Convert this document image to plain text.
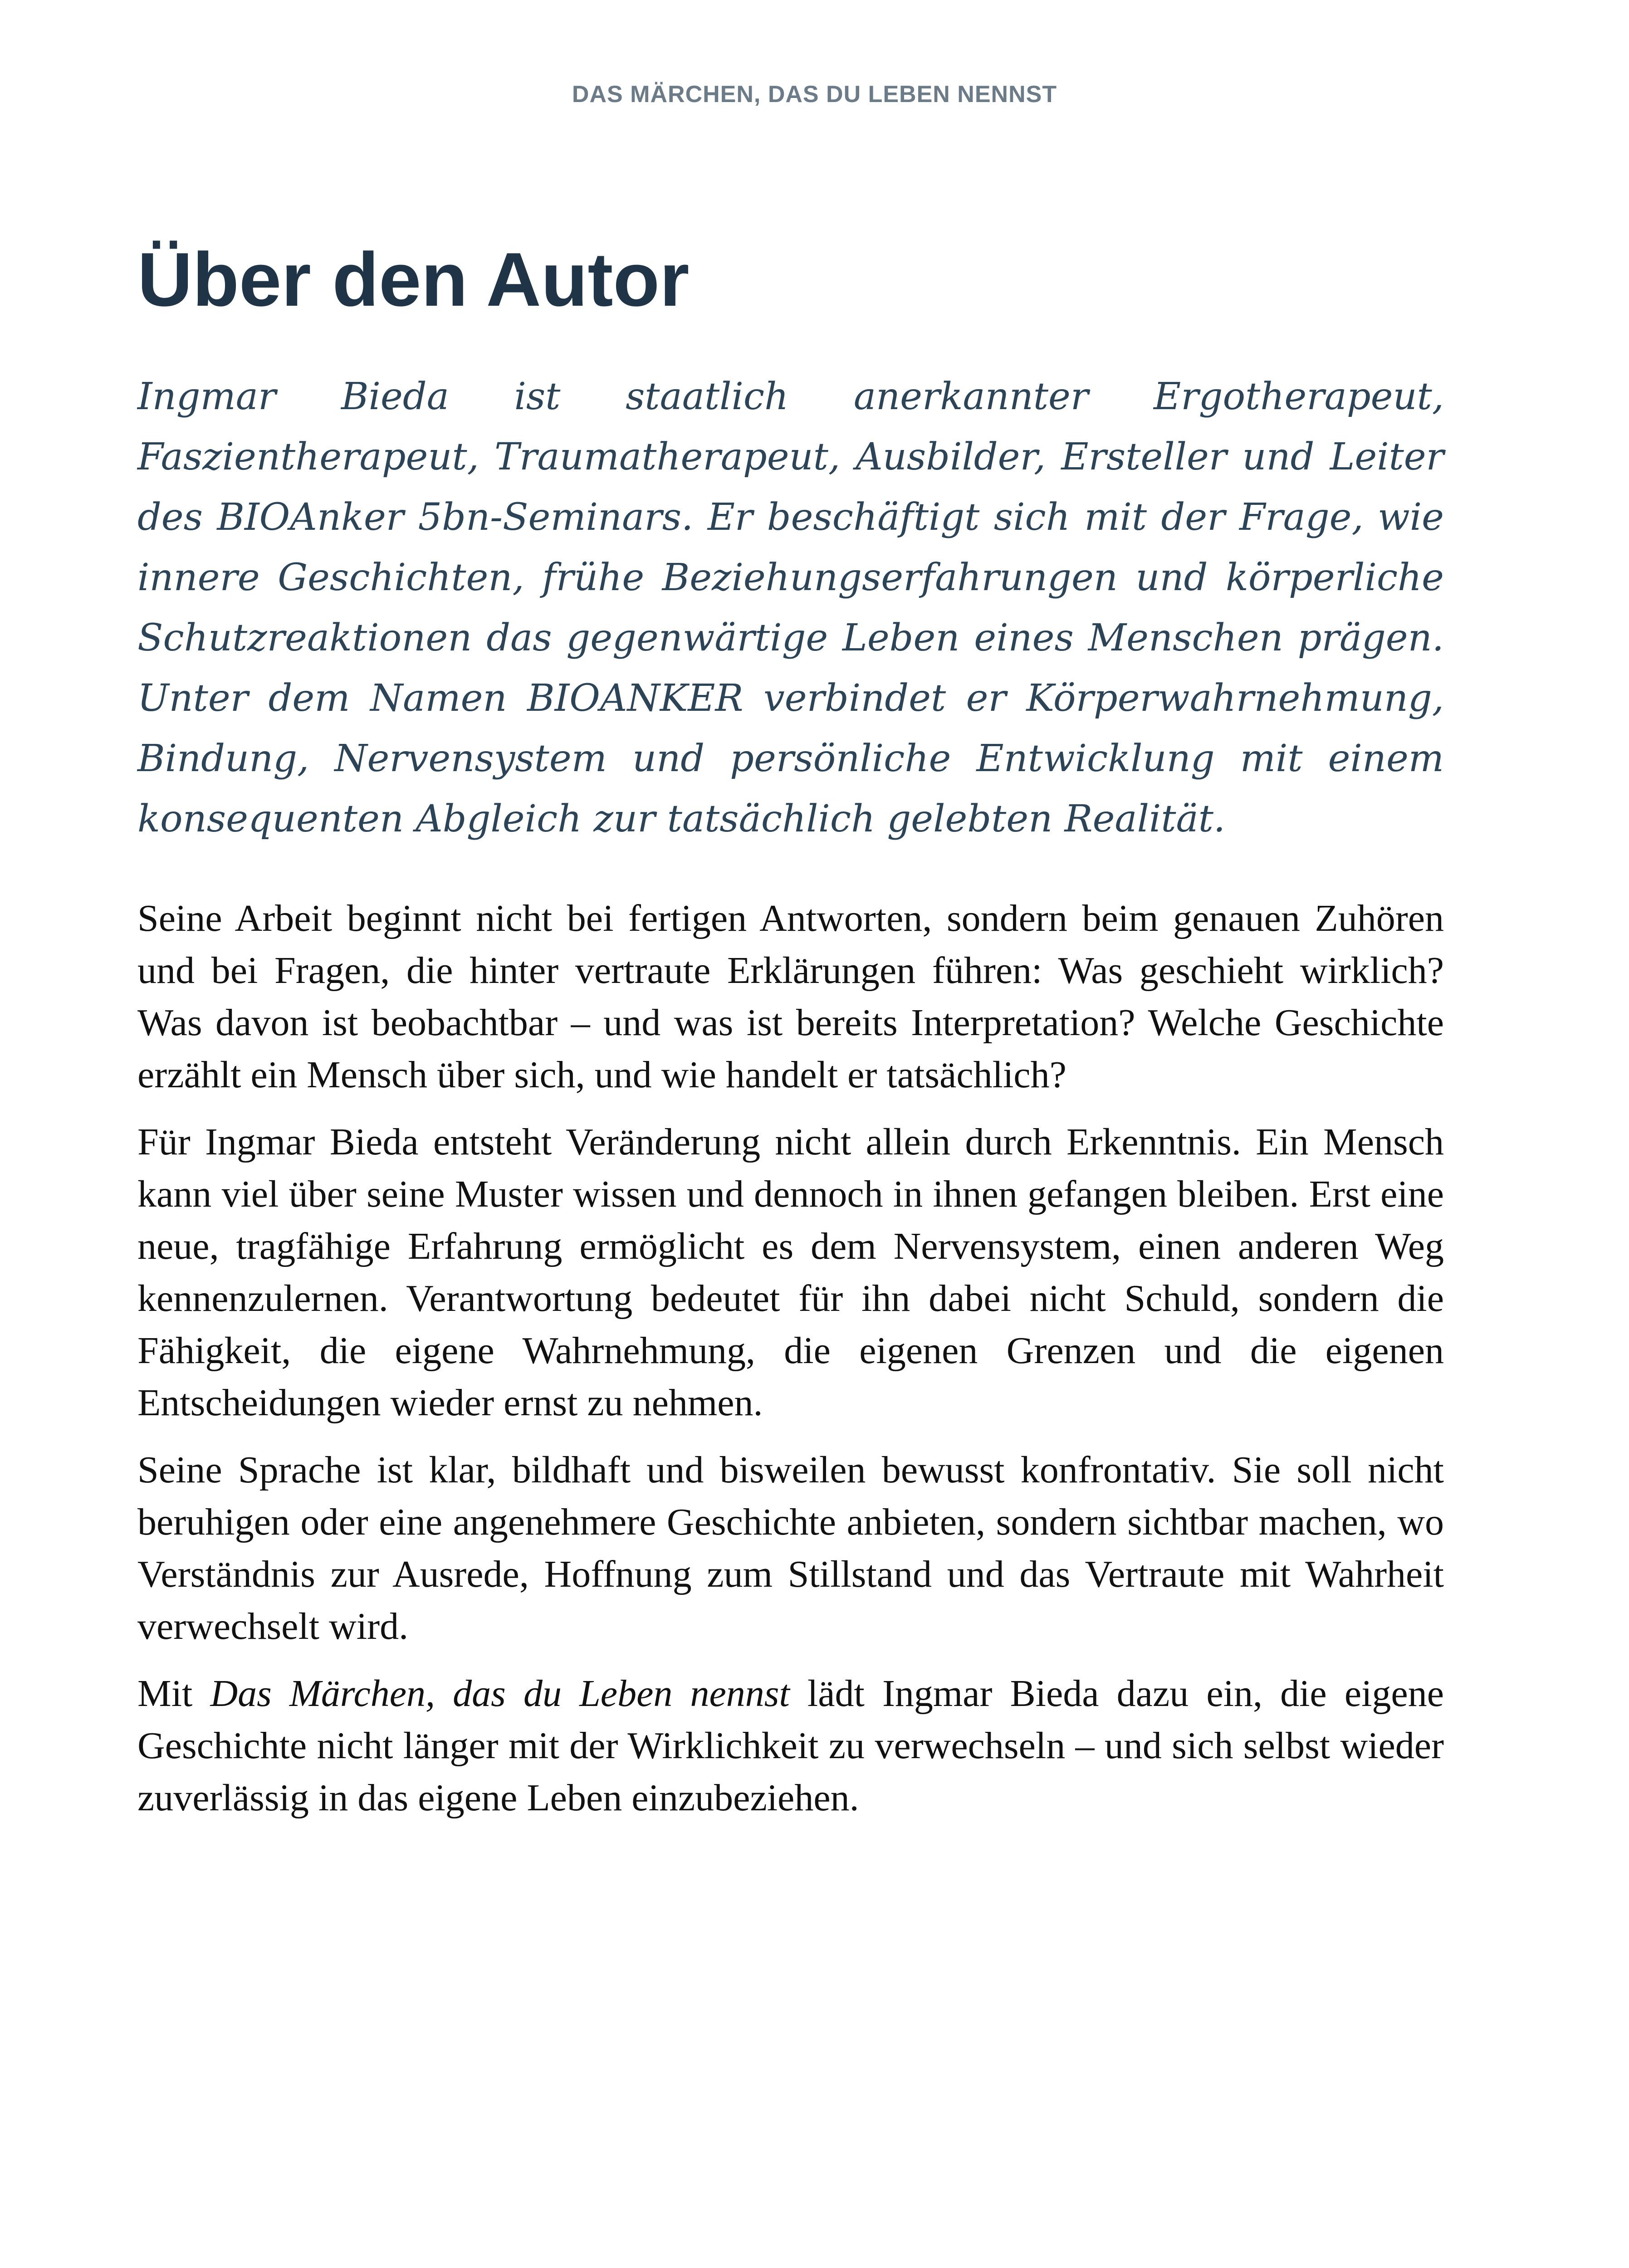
DAS MÄRCHEN, DAS DU LEBEN NENNST
Über den Autor

Ingmar Bieda ist staatlich anerkannter Ergotherapeut, Faszientherapeut, Traumatherapeut, Ausbilder, Ersteller und Leiter des BIOAnker 5bn-Seminars. Er beschäftigt sich mit der Frage, wie innere Geschichten, frühe Beziehungserfahrungen und körperliche Schutzreaktionen das gegenwärtige Leben eines Menschen prägen. Unter dem Namen BIOANKER verbindet er Körperwahrnehmung, Bindung, Nervensystem und persönliche Entwicklung mit einem konsequenten Abgleich zur tatsächlich gelebten Realität.

Seine Arbeit beginnt nicht bei fertigen Antworten, sondern beim genauen Zuhören und bei Fragen, die hinter vertraute Erklärungen führen: Was geschieht wirklich? Was davon ist beobachtbar – und was ist bereits Interpretation? Welche Geschichte erzählt ein Mensch über sich, und wie handelt er tatsächlich?

Für Ingmar Bieda entsteht Veränderung nicht allein durch Erkenntnis. Ein Mensch kann viel über seine Muster wissen und dennoch in ihnen gefangen bleiben. Erst eine neue, tragfähige Erfahrung ermöglicht es dem Nervensystem, einen anderen Weg kennenzulernen. Verantwortung bedeutet für ihn dabei nicht Schuld, sondern die Fähigkeit, die eigene Wahrnehmung, die eigenen Grenzen und die eigenen Entscheidungen wieder ernst zu nehmen.

Seine Sprache ist klar, bildhaft und bisweilen bewusst konfrontativ. Sie soll nicht beruhigen oder eine angenehmere Geschichte anbieten, sondern sichtbar machen, wo Verständnis zur Ausrede, Hoffnung zum Stillstand und das Vertraute mit Wahrheit verwechselt wird.

Mit Das Märchen, das du Leben nennst lädt Ingmar Bieda dazu ein, die eigene Geschichte nicht länger mit der Wirklichkeit zu verwechseln – und sich selbst wieder zuverlässig in das eigene Leben einzubeziehen.
